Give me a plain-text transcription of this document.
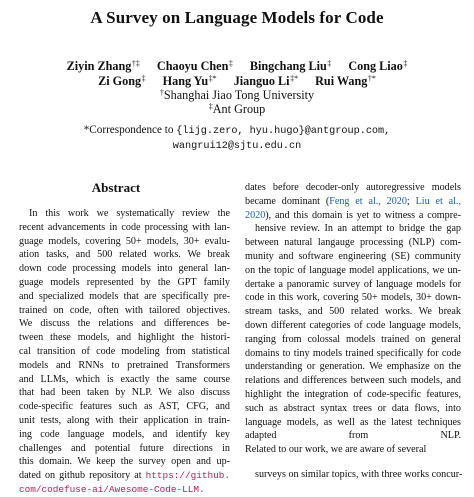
A Survey on Language Models for Code
Ziyin Zhang†‡ Chaoyu Chen‡ Bingchang Liu‡ Cong Liao‡
Zi Gong‡ Hang Yu‡* Jianguo Li‡* Rui Wang†*
†Shanghai Jiao Tong University
‡Ant Group
*Correspondence to {lijg.zero, hyu.hugo}@antgroup.com,
wangrui12@sjtu.edu.cn
Abstract
In this work we systematically review the
recent advancements in code processing with lan-
guage models, covering 50+ models, 30+ evalu-
ation tasks, and 500 related works. We break
down code processing models into general lan-
guage models represented by the GPT family
and specialized models that are specifically pre-
trained on code, often with tailored objectives.
We discuss the relations and differences be-
tween these models, and highlight the histori-
cal transition of code modeling from statistical
models and RNNs to pretrained Transformers
and LLMs, which is exactly the same course
that had been taken by NLP. We also discuss
code-specific features such as AST, CFG, and
unit tests, along with their application in train-
ing code language models, and identify key
challenges and potential future directions in
this domain. We keep the survey open and up-
dated on github repository at https://github.
com/codefuse-ai/Awesome-Code-LLM.
dates before decoder-only autoregressive models
became dominant (Feng et al., 2020; Liu et al.,
2020), and this domain is yet to witness a compre-
hensive review. In an attempt to bridge the gap
between natural langauge processing (NLP) com-
munity and software engineering (SE) community
on the topic of language model applications, we un-
dertake a panoramic survey of language models for
code in this work, covering 50+ models, 30+ down-
stream tasks, and 500 related works. We break
down different categories of code language models,
ranging from colossal models trained on general
domains to tiny models trained specifically for code
understanding or generation. We emphasize on the
relations and differences between such models, and
highlight the integration of code-specific features,
such as abstract syntax trees or data flows, into
language models, as well as the latest techniques
adapted from NLP.
Related to our work, we are aware of several
surveys on similar topics, with three works concur-
